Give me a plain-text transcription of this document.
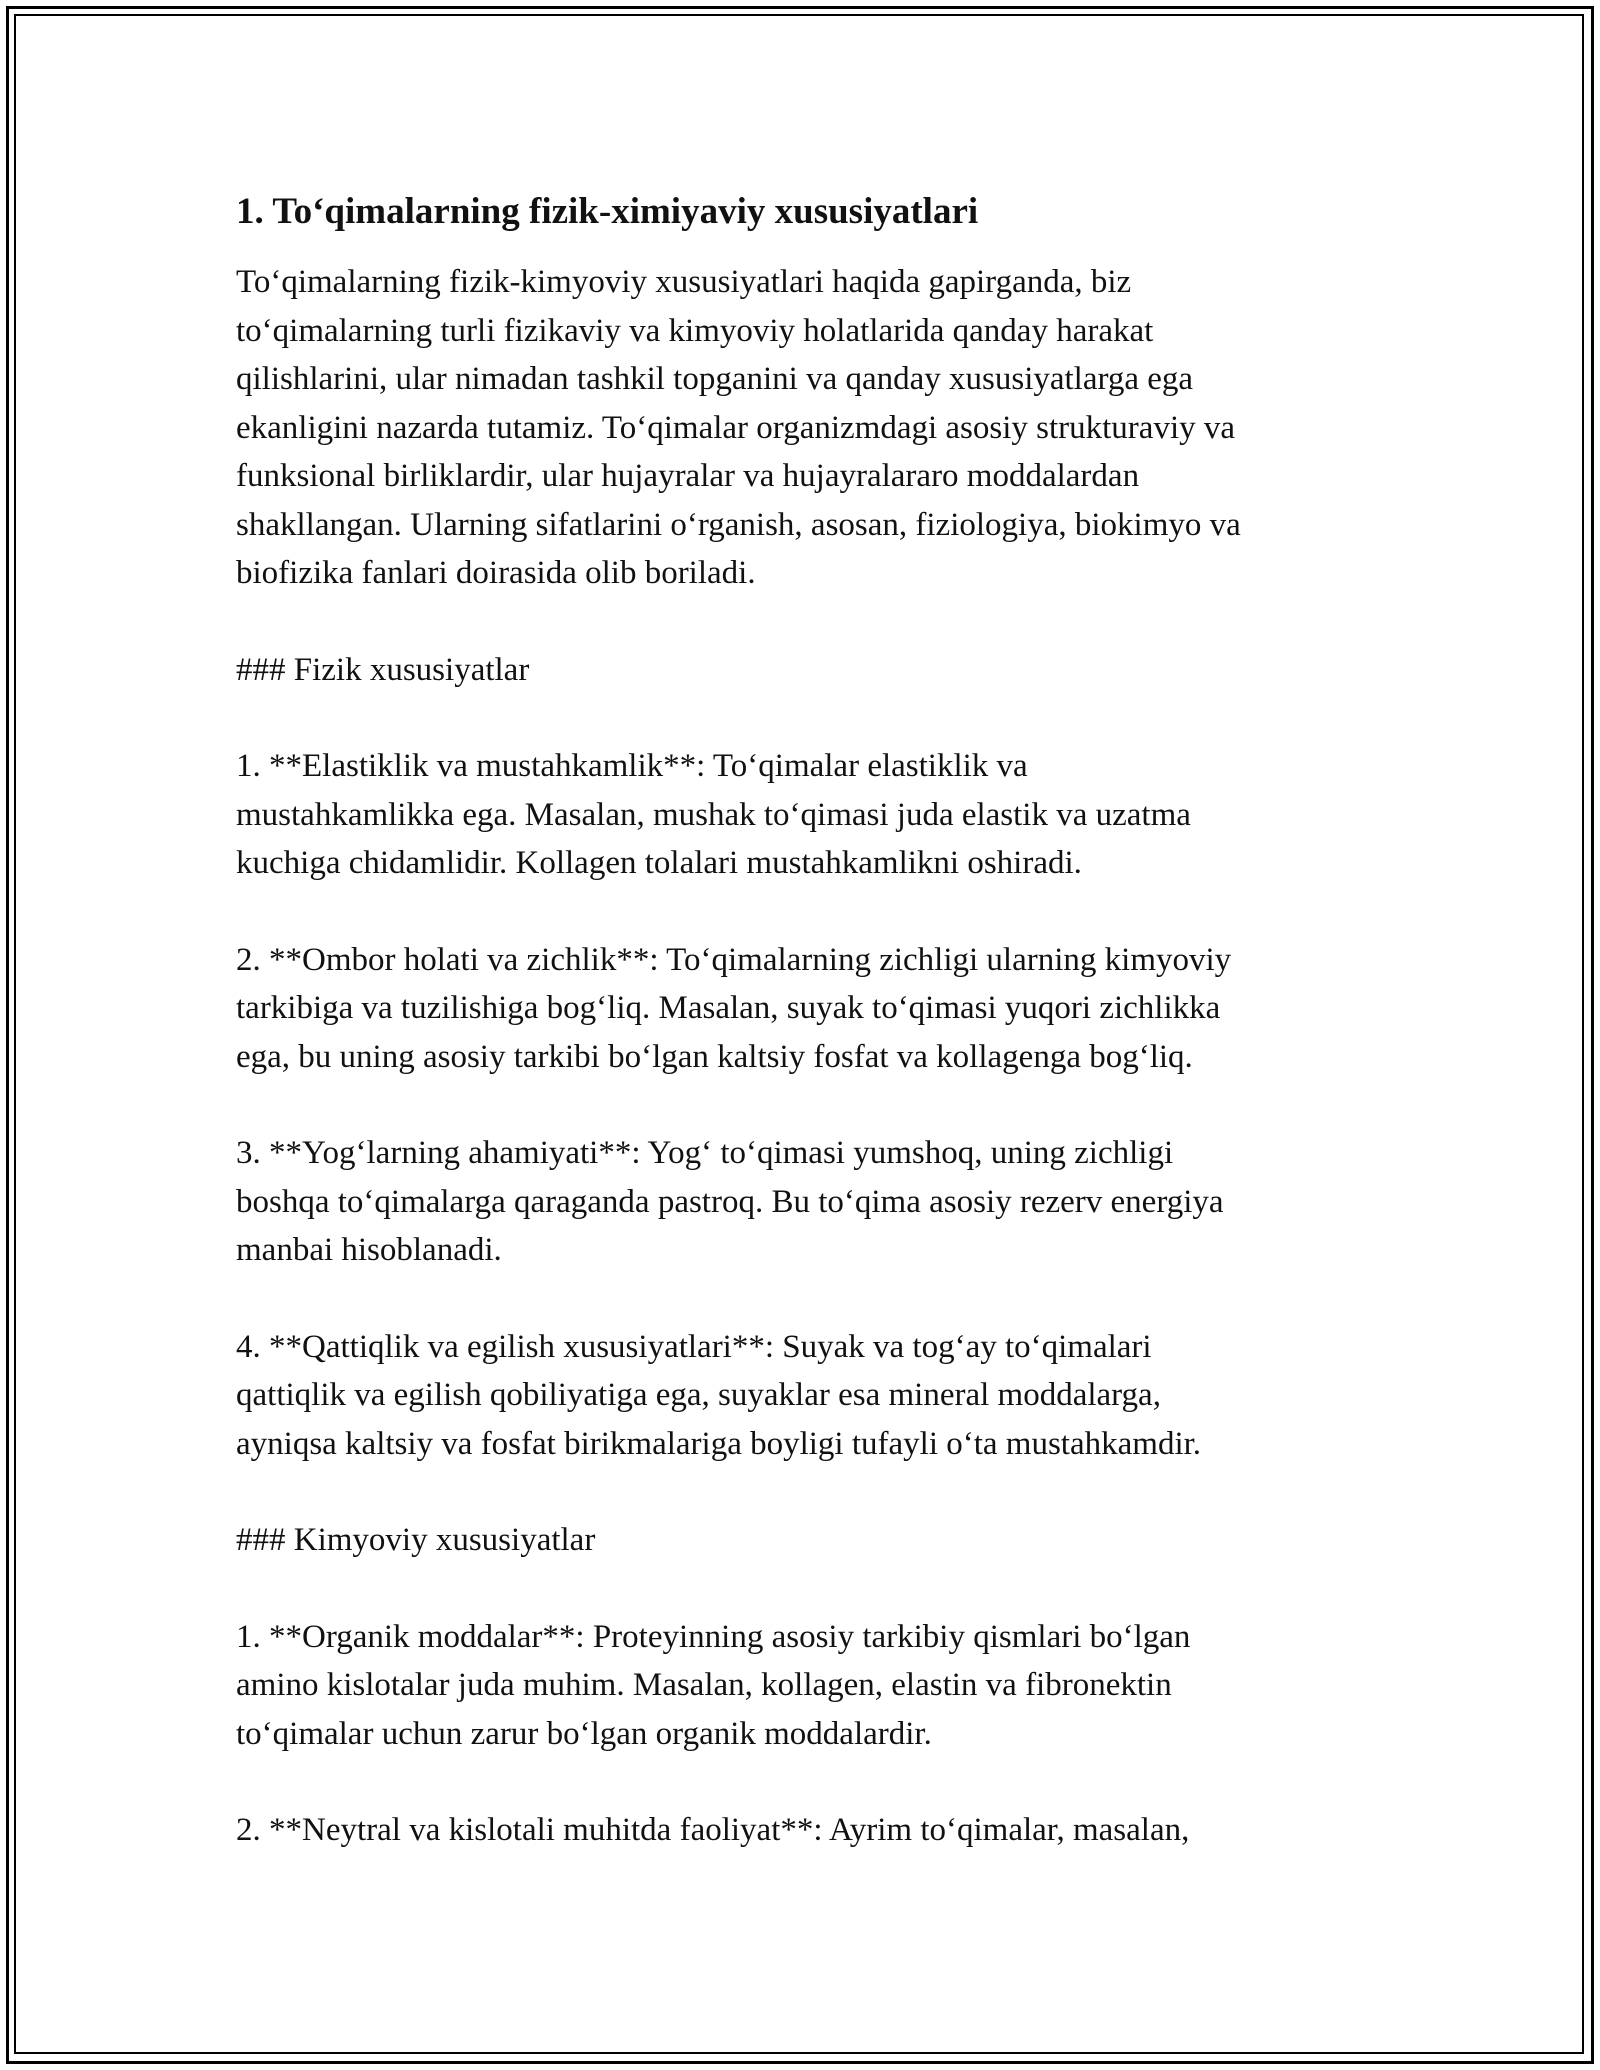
1. To‘qimalarning fizik-ximiyaviy xususiyatlari

To‘qimalarning fizik-kimyoviy xususiyatlari haqida gapirganda, biz
to‘qimalarning turli fizikaviy va kimyoviy holatlarida qanday harakat
qilishlarini, ular nimadan tashkil topganini va qanday xususiyatlarga ega
ekanligini nazarda tutamiz. To‘qimalar organizmdagi asosiy strukturaviy va
funksional birliklardir, ular hujayralar va hujayralararo moddalardan
shakllangan. Ularning sifatlarini o‘rganish, asosan, fiziologiya, biokimyo va
biofizika fanlari doirasida olib boriladi.

### Fizik xususiyatlar

1. **Elastiklik va mustahkamlik**: To‘qimalar elastiklik va
mustahkamlikka ega. Masalan, mushak to‘qimasi juda elastik va uzatma
kuchiga chidamlidir. Kollagen tolalari mustahkamlikni oshiradi.

2. **Ombor holati va zichlik**: To‘qimalarning zichligi ularning kimyoviy
tarkibiga va tuzilishiga bog‘liq. Masalan, suyak to‘qimasi yuqori zichlikka
ega, bu uning asosiy tarkibi bo‘lgan kaltsiy fosfat va kollagenga bog‘liq.

3. **Yog‘larning ahamiyati**: Yog‘ to‘qimasi yumshoq, uning zichligi
boshqa to‘qimalarga qaraganda pastroq. Bu to‘qima asosiy rezerv energiya
manbai hisoblanadi.

4. **Qattiqlik va egilish xususiyatlari**: Suyak va tog‘ay to‘qimalari
qattiqlik va egilish qobiliyatiga ega, suyaklar esa mineral moddalarga,
ayniqsa kaltsiy va fosfat birikmalariga boyligi tufayli o‘ta mustahkamdir.

### Kimyoviy xususiyatlar

1. **Organik moddalar**: Proteyinning asosiy tarkibiy qismlari bo‘lgan
amino kislotalar juda muhim. Masalan, kollagen, elastin va fibronektin
to‘qimalar uchun zarur bo‘lgan organik moddalardir.

2. **Neytral va kislotali muhitda faoliyat**: Ayrim to‘qimalar, masalan,
